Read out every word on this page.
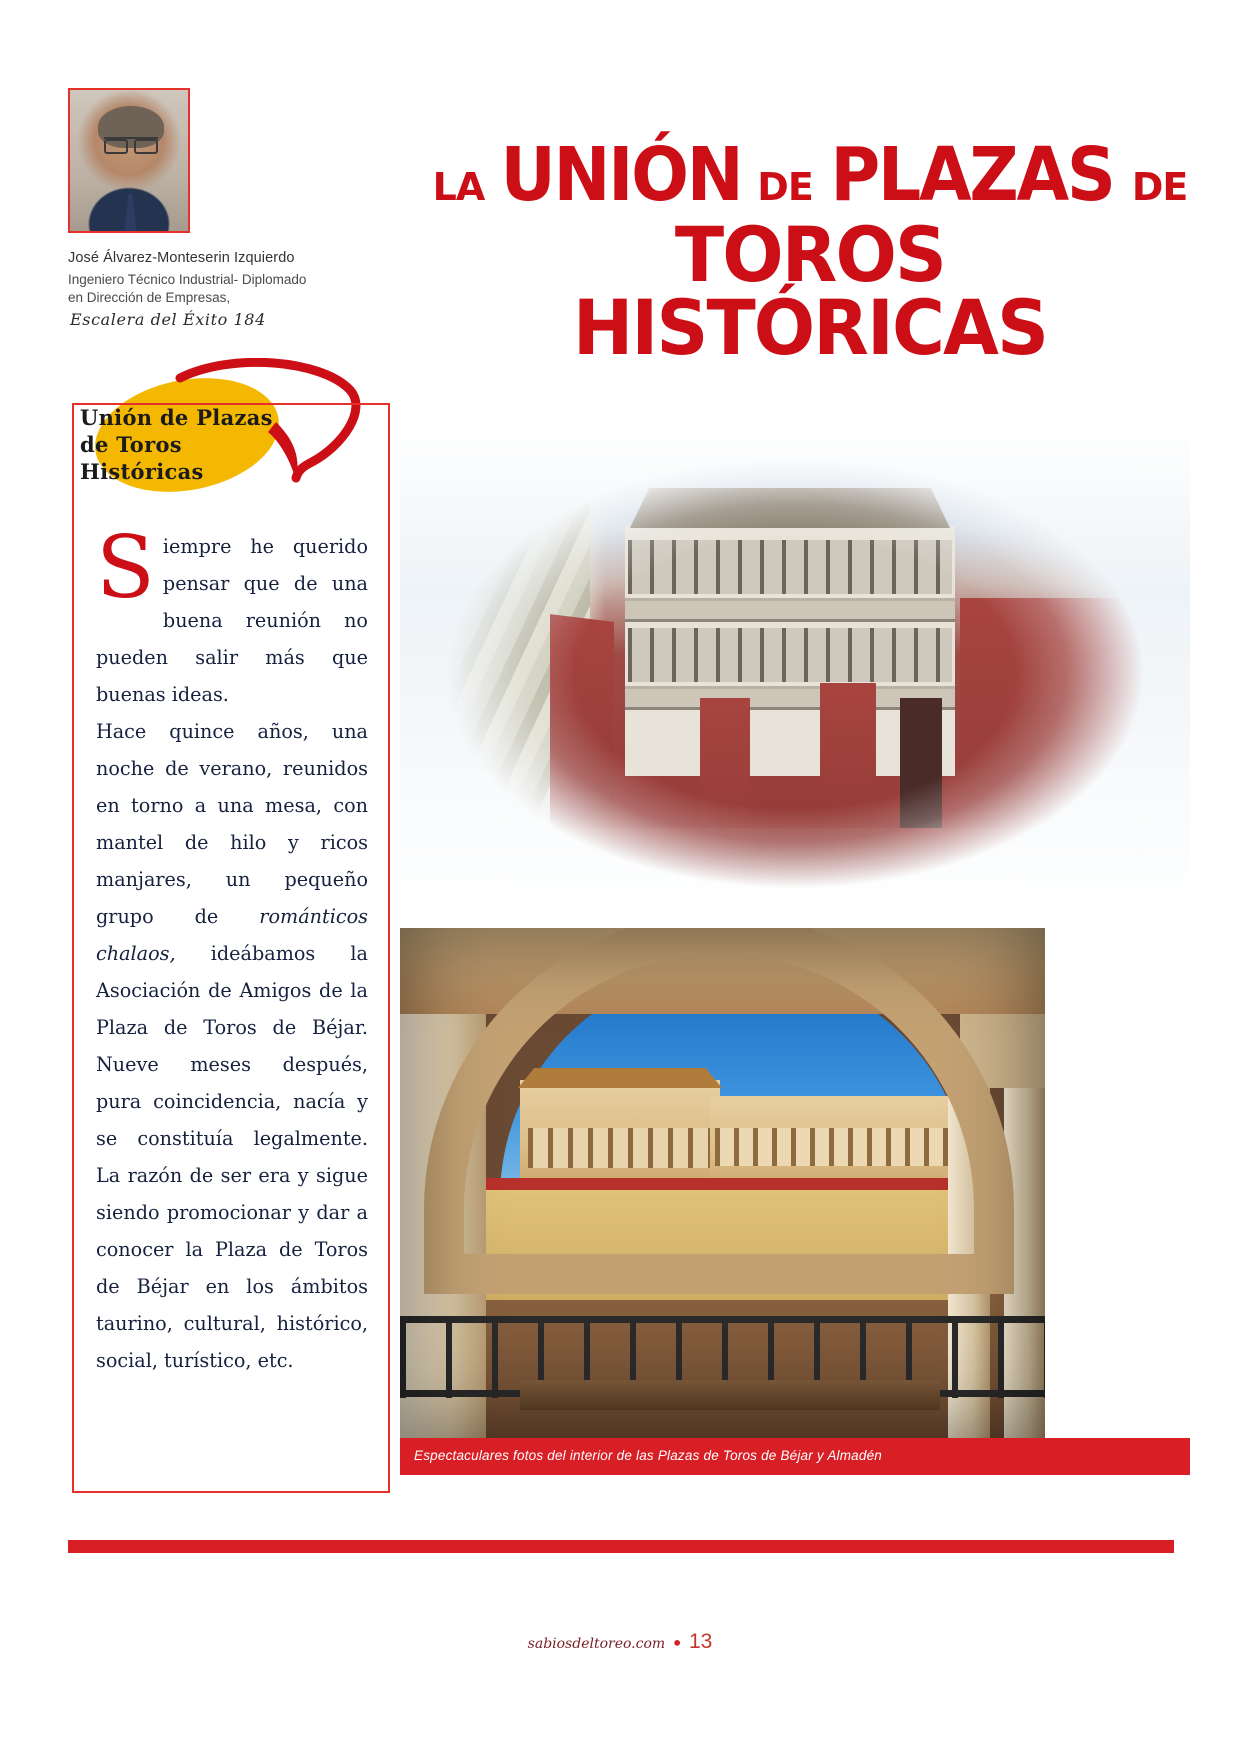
José Álvarez-Monteserin Izquierdo
Ingeniero Técnico Industrial- Diplomado
en Dirección de Empresas,
Escalera del Éxito 184
LA UNIÓN DE PLAZAS DE
TOROS HISTÓRICAS
Unión de Plazas
de Toros Históricas

Siempre he querido pensar que de una buena reunión no pueden salir más que buenas ideas.

Hace quince años, una noche de verano, reunidos en torno a una mesa, con mantel de hilo y ricos manjares, un pequeño grupo de románticos chalaos, ideábamos la Asociación de Amigos de la Plaza de Toros de Béjar. Nueve meses después, pura coincidencia, nacía y se constituía legalmente. La razón de ser era y sigue siendo promocionar y dar a conocer la Plaza de Toros de Béjar en los ámbitos taurino, cultural, histórico, social, turístico, etc.

Espectaculares fotos del interior de las Plazas de Toros de Béjar y Almadén
sabiosdeltoreo.com • 13
